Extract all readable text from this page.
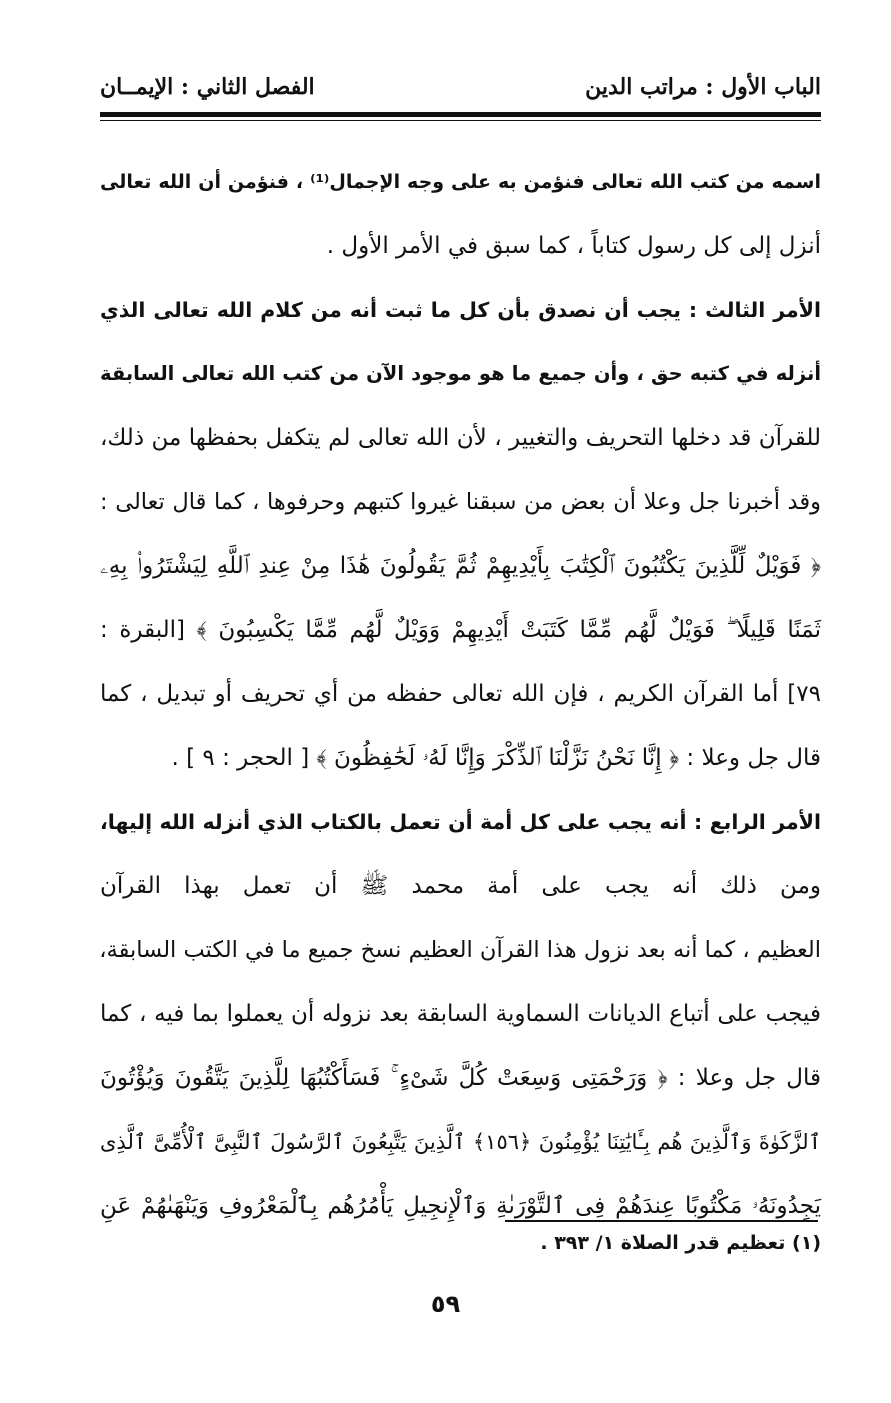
الباب الأول : مراتب الدين
الفصل الثاني : الإيمــان
اسمه من كتب الله تعالى فنؤمن به على وجه الإجمال⁽¹⁾ ، فنؤمن أن الله تعالى
أنزل إلى كل رسول كتاباً ، كما سبق في الأمر الأول .
الأمر الثالث : يجب أن نصدق بأن كل ما ثبت أنه من كلام الله تعالى الذي
أنزله في كتبه حق ، وأن جميع ما هو موجود الآن من كتب الله تعالى السابقة
للقرآن قد دخلها التحريف والتغيير ، لأن الله تعالى لم يتكفل بحفظها من ذلك،
وقد أخبرنا جل وعلا أن بعض من سبقنا غيروا كتبهم وحرفوها ، كما قال تعالى :
﴿ فَوَيْلٌ لِّلَّذِينَ يَكْتُبُونَ ٱلْكِتَٰبَ بِأَيْدِيهِمْ ثُمَّ يَقُولُونَ هَٰذَا مِنْ عِندِ ٱللَّهِ لِيَشْتَرُوا۟ بِهِۦ
ثَمَنًا قَلِيلًا ۖ فَوَيْلٌ لَّهُم مِّمَّا كَتَبَتْ أَيْدِيهِمْ وَوَيْلٌ لَّهُم مِّمَّا يَكْسِبُونَ ﴾ [البقرة :
٧٩] أما القرآن الكريم ، فإن الله تعالى حفظه من أي تحريف أو تبديل ، كما
قال جل وعلا : ﴿ إِنَّا نَحْنُ نَزَّلْنَا ٱلذِّكْرَ وَإِنَّا لَهُۥ لَحَٰفِظُونَ ﴾ [ الحجر : ٩ ] .
الأمر الرابع : أنه يجب على كل أمة أن تعمل بالكتاب الذي أنزله الله إليها،
ومن ذلك أنه يجب على أمة محمد ﷺ أن تعمل بهذا القرآن
العظيم ، كما أنه بعد نزول هذا القرآن العظيم نسخ جميع ما في الكتب السابقة،
فيجب على أتباع الديانات السماوية السابقة بعد نزوله أن يعملوا بما فيه ، كما
قال جل وعلا : ﴿ وَرَحْمَتِى وَسِعَتْ كُلَّ شَىْءٍ ۚ فَسَأَكْتُبُهَا لِلَّذِينَ يَتَّقُونَ وَيُؤْتُونَ
ٱلزَّكَوٰةَ وَٱلَّذِينَ هُم بِـَٔايَٰتِنَا يُؤْمِنُونَ ﴿١٥٦﴾ ٱلَّذِينَ يَتَّبِعُونَ ٱلرَّسُولَ ٱلنَّبِىَّ ٱلْأُمِّىَّ ٱلَّذِى
يَجِدُونَهُۥ مَكْتُوبًا عِندَهُمْ فِى ٱلتَّوْرَىٰةِ وَٱلْإِنجِيلِ يَأْمُرُهُم بِٱلْمَعْرُوفِ وَيَنْهَىٰهُمْ عَنِ
(١) تعظيم قدر الصلاة ١/ ٣٩٣ .
٥٩
